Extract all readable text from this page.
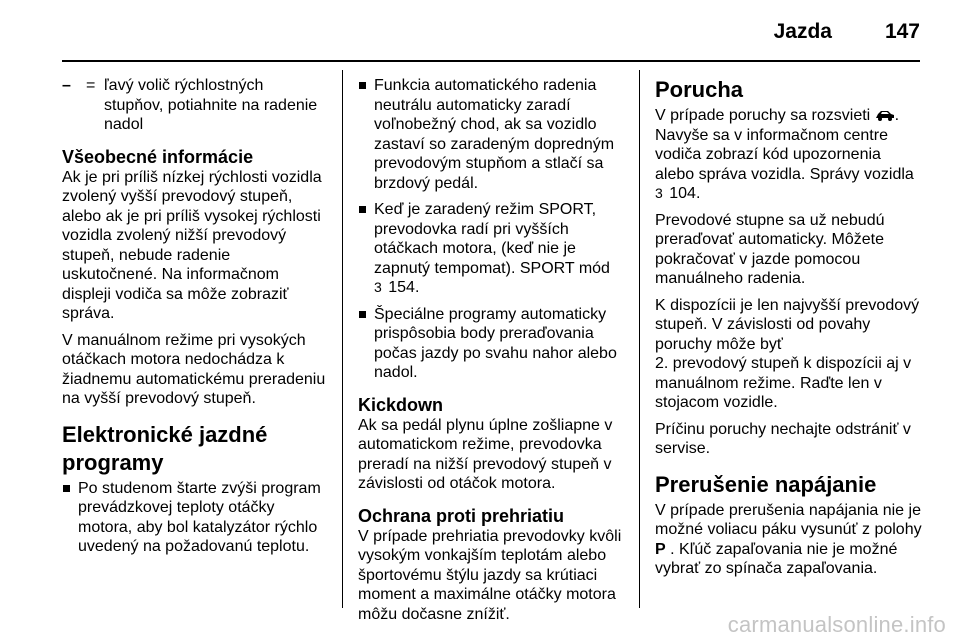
Jazda	147
– = ľavý volič rýchlostných stupňov, potiahnite na radenie nadol
Všeobecné informácie

Ak je pri príliš nízkej rýchlosti vozidla zvolený vyšší prevodový stupeň, alebo ak je pri príliš vysokej rýchlosti vozidla zvolený nižší prevodový stupeň, nebude radenie uskutočnené. Na informačnom displeji vodiča sa môže zobraziť správa.

V manuálnom režime pri vysokých otáčkach motora nedochádza k žiadnemu automatickému preradeniu na vyšší prevodový stupeň.

Elektronické jazdné programy
Po studenom štarte zvýši program prevádzkovej teploty otáčky motora, aby bol katalyzátor rýchlo uvedený na požadovanú teplotu.
Funkcia automatického radenia neutrálu automaticky zaradí voľnobežný chod, ak sa vozidlo zastaví so zaradeným dopredným prevodovým stupňom a stlačí sa brzdový pedál.
Keď je zaradený režim SPORT, prevodovka radí pri vyšších otáčkach motora, (keď nie je zapnutý tempomat). SPORT mód
3 154.
Špeciálne programy automaticky prispôsobia body preraďovania počas jazdy po svahu nahor alebo nadol.
Kickdown

Ak sa pedál plynu úplne zošliapne v automatickom režime, prevodovka preradí na nižší prevodový stupeň v závislosti od otáčok motora.

Ochrana proti prehriatiu

V prípade prehriatia prevodovky kvôli vysokým vonkajším teplotám alebo športovému štýlu jazdy sa krútiaci moment a maximálne otáčky motora môžu dočasne znížiť.

Porucha

V prípade poruchy sa rozsvieti . Navyše sa v informačnom centre vodiča zobrazí kód upozornenia alebo správa vozidla. Správy vozidla
3 104.

Prevodové stupne sa už nebudú preraďovať automaticky. Môžete pokračovať v jazde pomocou manuálneho radenia.

K dispozícii je len najvyšší prevodový stupeň. V závislosti od povahy poruchy môže byť
2. prevodový stupeň k dispozícii aj v manuálnom režime. Raďte len v stojacom vozidle.

Príčinu poruchy nechajte odstrániť v servise.

Prerušenie napájanie

V prípade prerušenia napájania nie je možné voliacu páku vysunúť z polohy P . Kľúč zapaľovania nie je možné vybrať zo spínača zapaľovania.

carmanualsonline.info
